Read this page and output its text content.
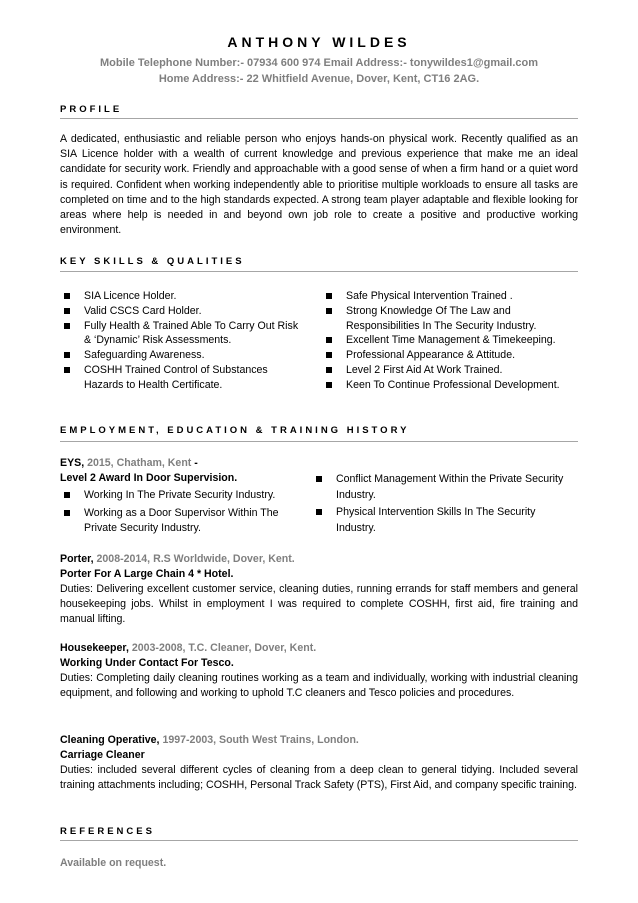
ANTHONY WILDES
Mobile Telephone Number:- 07934 600 974 Email Address:- tonywildes1@gmail.com
Home Address:- 22 Whitfield Avenue, Dover, Kent, CT16 2AG.
PROFILE
A dedicated, enthusiastic and reliable person who enjoys hands-on physical work. Recently qualified as an SIA Licence holder with a wealth of current knowledge and previous experience that make me an ideal candidate for security work. Friendly and approachable with a good sense of when a firm hand or a quiet word is required. Confident when working independently able to prioritise multiple workloads to ensure all tasks are completed on time and to the high standards expected. A strong team player adaptable and flexible looking for areas where help is needed in and beyond own job role to create a positive and productive working environment.
KEY SKILLS & QUALITIES
SIA Licence Holder.
Valid CSCS Card Holder.
Fully Health & Trained Able To Carry Out Risk & ‘Dynamic’ Risk Assessments.
Safeguarding Awareness.
COSHH Trained Control of Substances Hazards to Health Certificate.
Safe Physical Intervention Trained .
Strong Knowledge Of The Law and Responsibilities In The Security Industry.
Excellent Time Management & Timekeeping.
Professional Appearance & Attitude.
Level 2 First Aid At Work Trained.
Keen To Continue Professional Development.
EMPLOYMENT, EDUCATION & TRAINING HISTORY
EYS, 2015, Chatham, Kent -
Level 2 Award In Door Supervision.
Working In The Private Security Industry.
Working as a Door Supervisor Within The Private Security Industry.
Conflict Management Within the Private Security Industry.
Physical Intervention Skills In The Security Industry.
Porter, 2008-2014, R.S Worldwide, Dover, Kent.
Porter For A Large Chain 4 * Hotel.
Duties: Delivering excellent customer service, cleaning duties, running errands for staff members and general housekeeping jobs. Whilst in employment I was required to complete COSHH, first aid, fire training and manual lifting.
Housekeeper, 2003-2008, T.C. Cleaner, Dover, Kent.
Working Under Contact For Tesco.
Duties: Completing daily cleaning routines working as a team and individually, working with industrial cleaning equipment, and following and working to uphold T.C cleaners and Tesco policies and procedures.
Cleaning Operative, 1997-2003, South West Trains, London.
Carriage Cleaner
Duties: included several different cycles of cleaning from a deep clean to general tidying. Included several training attachments including; COSHH, Personal Track Safety (PTS), First Aid, and company specific training.
REFERENCES
Available on request.
